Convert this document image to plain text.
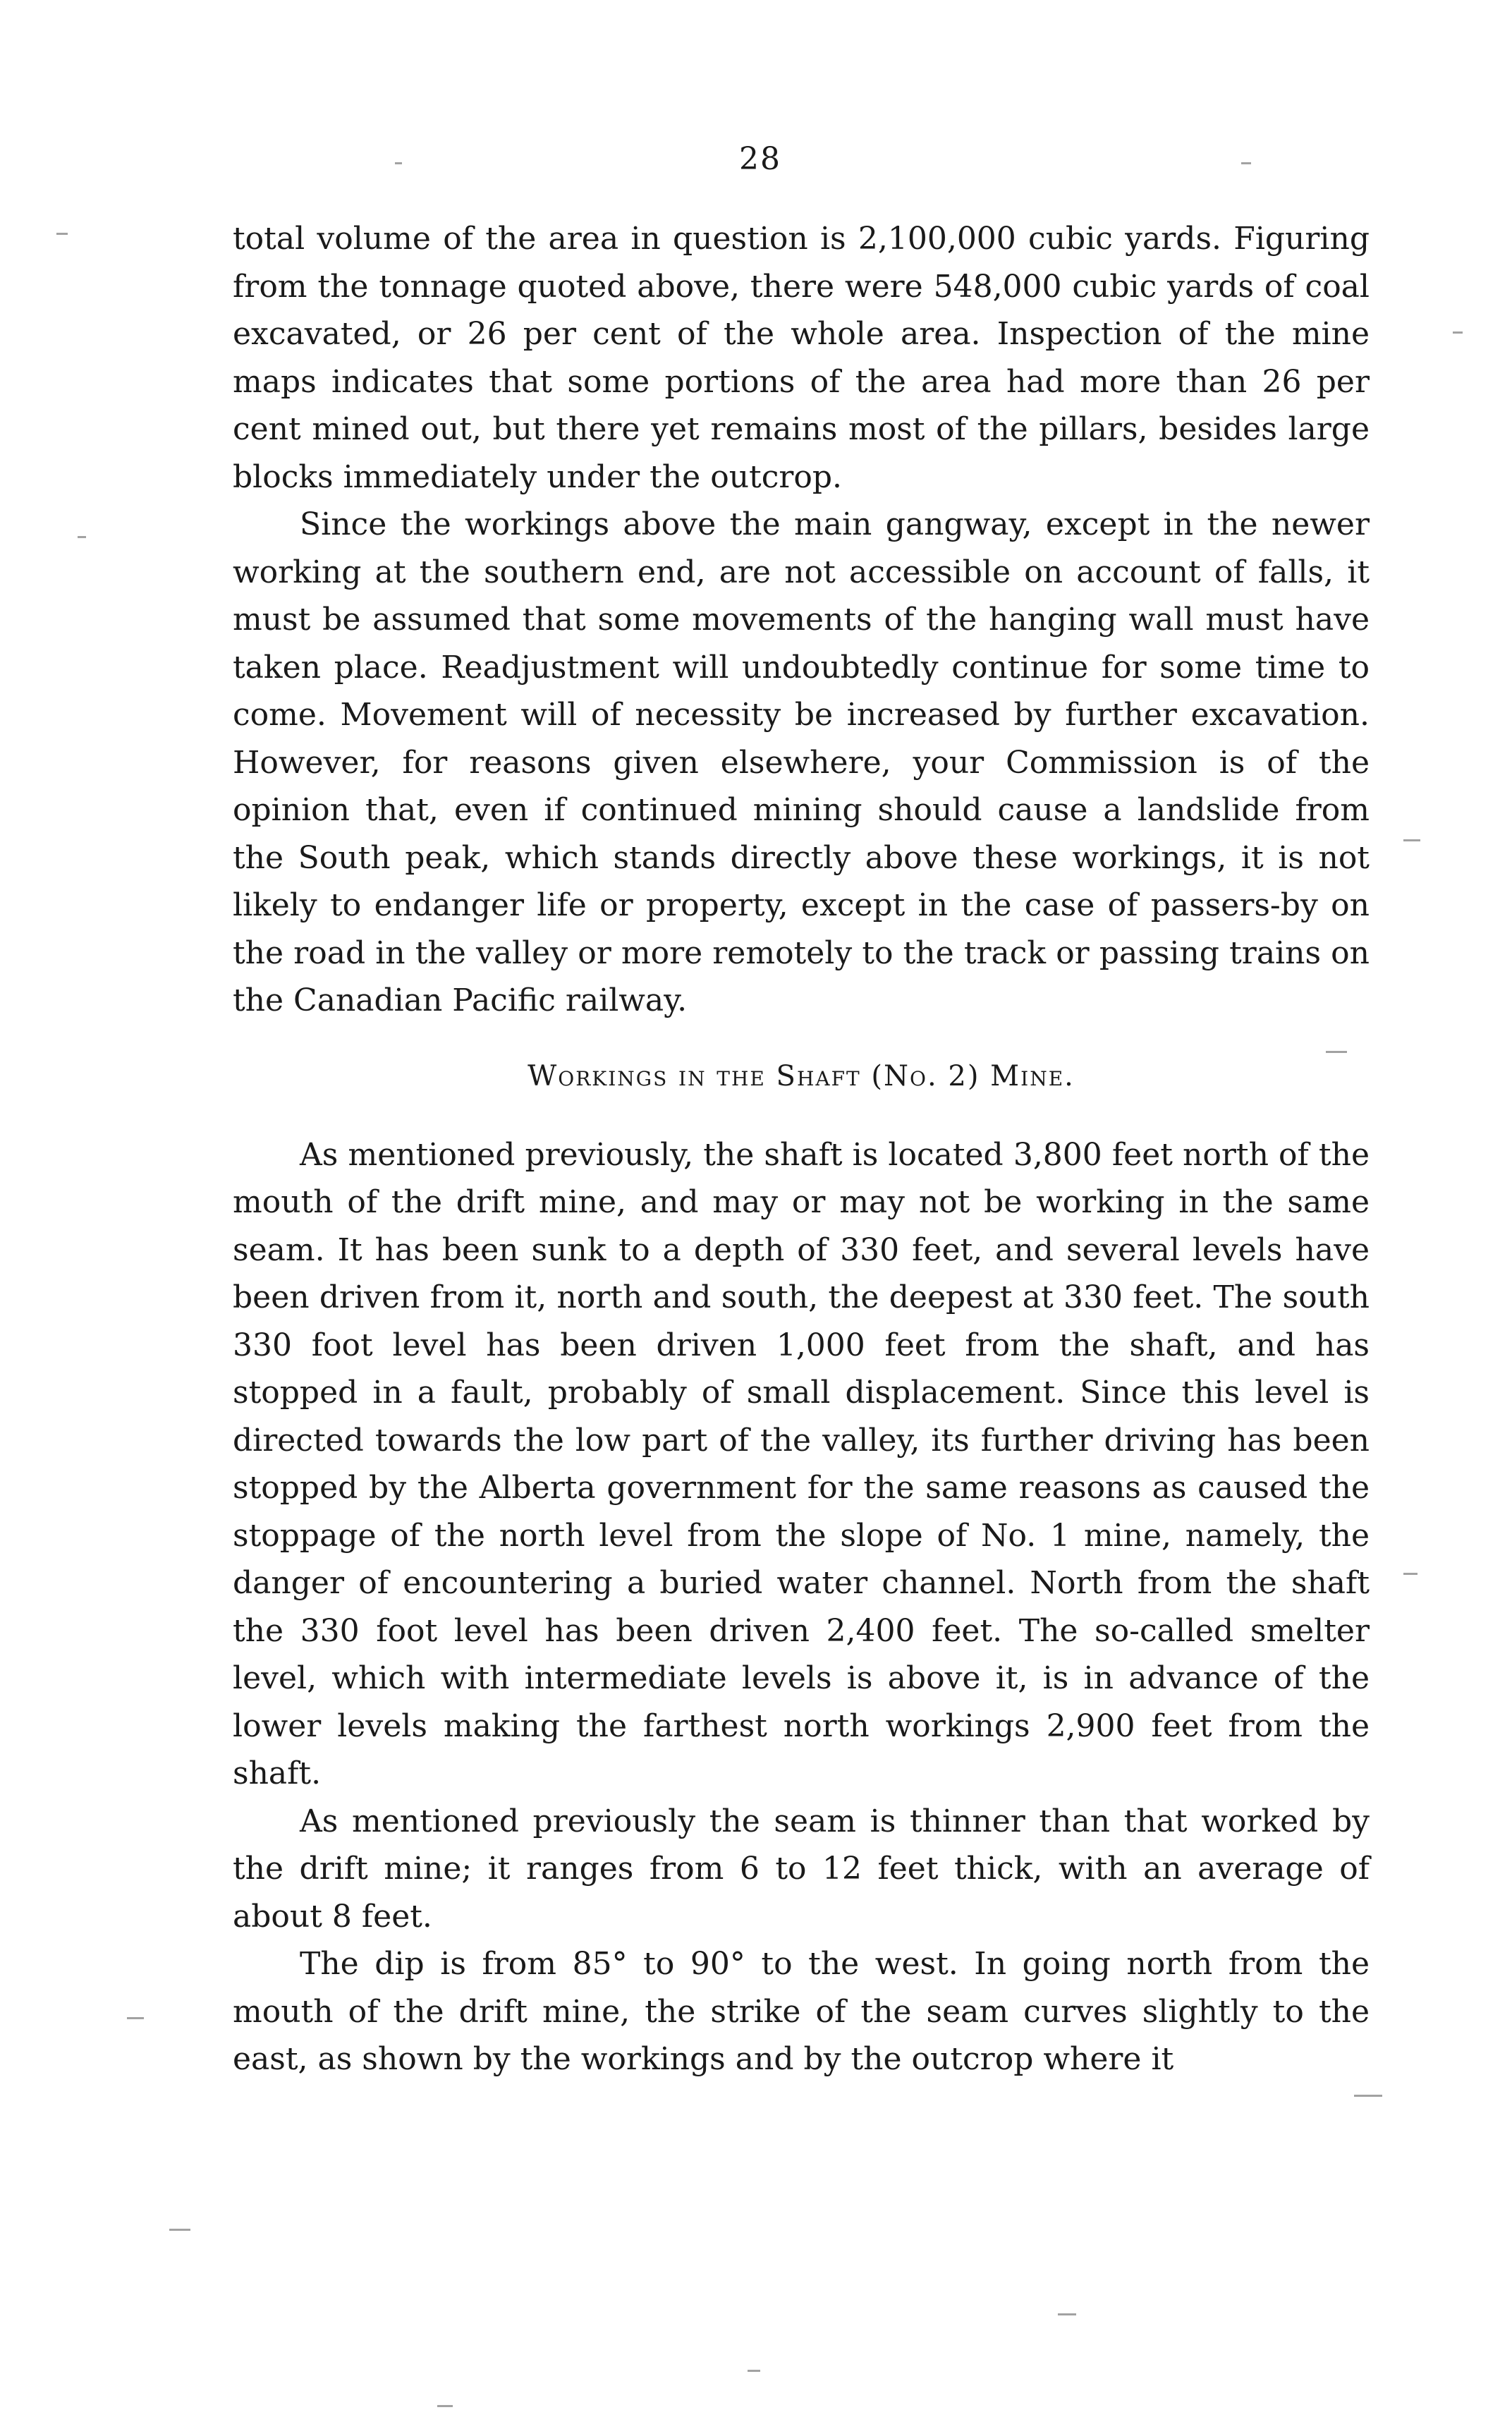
28

total volume of the area in question is 2,100,000 cubic yards. Figuring from the tonnage quoted above, there were 548,000 cubic yards of coal excavated, or 26 per cent of the whole area. Inspection of the mine maps indicates that some portions of the area had more than 26 per cent mined out, but there yet remains most of the pillars, besides large blocks immediately under the outcrop.

Since the workings above the main gangway, except in the newer working at the southern end, are not accessible on account of falls, it must be assumed that some movements of the hanging wall must have taken place. Readjustment will undoubtedly continue for some time to come. Movement will of necessity be increased by further excavation. However, for reasons given elsewhere, your Commission is of the opinion that, even if continued mining should cause a landslide from the South peak, which stands directly above these workings, it is not likely to endanger life or property, except in the case of passers-by on the road in the valley or more remotely to the track or passing trains on the Canadian Pacific railway.

Workings in the Shaft (No. 2) Mine.

As mentioned previously, the shaft is located 3,800 feet north of the mouth of the drift mine, and may or may not be working in the same seam. It has been sunk to a depth of 330 feet, and several levels have been driven from it, north and south, the deepest at 330 feet. The south 330 foot level has been driven 1,000 feet from the shaft, and has stopped in a fault, probably of small displacement. Since this level is directed towards the low part of the valley, its further driving has been stopped by the Alberta government for the same reasons as caused the stoppage of the north level from the slope of No. 1 mine, namely, the danger of encountering a buried water channel. North from the shaft the 330 foot level has been driven 2,400 feet. The so-called smelter level, which with intermediate levels is above it, is in advance of the lower levels making the farthest north workings 2,900 feet from the shaft.

As mentioned previously the seam is thinner than that worked by the drift mine; it ranges from 6 to 12 feet thick, with an average of about 8 feet.

The dip is from 85° to 90° to the west. In going north from the mouth of the drift mine, the strike of the seam curves slightly to the east, as shown by the workings and by the outcrop where it
